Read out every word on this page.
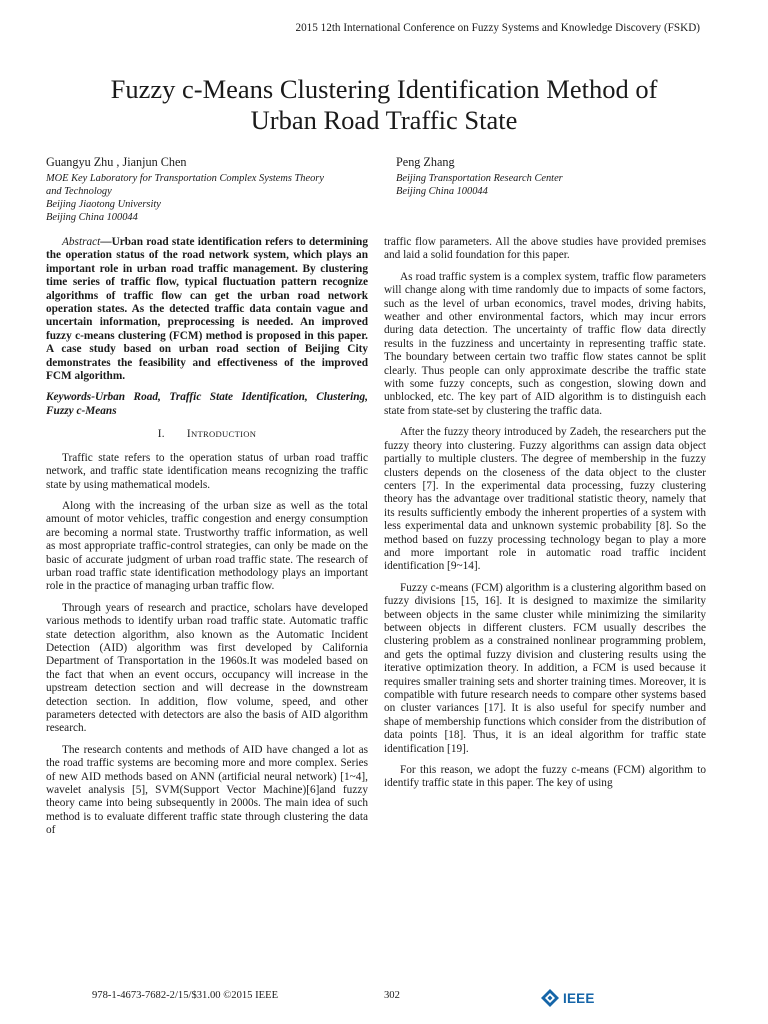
2015 12th International Conference on Fuzzy Systems and Knowledge Discovery (FSKD)
Fuzzy c-Means Clustering Identification Method of
Urban Road Traffic State
Guangyu Zhu , Jianjun Chen
MOE Key Laboratory for Transportation Complex Systems Theory
and Technology
Beijing Jiaotong University
Beijing China 100044
Peng Zhang
Beijing Transportation Research Center
Beijing China 100044

Abstract—Urban road state identification refers to determining the operation status of the road network system, which plays an important role in urban road traffic management. By clustering time series of traffic flow, typical fluctuation pattern recognize algorithms of traffic flow can get the urban road network operation states. As the detected traffic data contain vague and uncertain information, preprocessing is needed. An improved fuzzy c-means clustering (FCM) method is proposed in this paper. A case study based on urban road section of Beijing City demonstrates the feasibility and effectiveness of the improved FCM algorithm.

Keywords-Urban Road, Traffic State Identification, Clustering, Fuzzy c-Means

I. INTRODUCTION

Traffic state refers to the operation status of urban road traffic network, and traffic state identification means recognizing the traffic state by using mathematical models.

Along with the increasing of the urban size as well as the total amount of motor vehicles, traffic congestion and energy consumption are becoming a normal state. Trustworthy traffic information, as well as most appropriate traffic-control strategies, can only be made on the basic of accurate judgment of urban road traffic state. The research of urban road traffic state identification methodology plays an important role in the practice of managing urban traffic flow.

Through years of research and practice, scholars have developed various methods to identify urban road traffic state. Automatic traffic state detection algorithm, also known as the Automatic Incident Detection (AID) algorithm was first developed by California Department of Transportation in the 1960s.It was modeled based on the fact that when an event occurs, occupancy will increase in the upstream detection section and will decrease in the downstream detection section. In addition, flow volume, speed, and other parameters detected with detectors are also the basis of AID algorithm research.

The research contents and methods of AID have changed a lot as the road traffic systems are becoming more and more complex. Series of new AID methods based on ANN (artificial neural network) [1~4], wavelet analysis [5], SVM(Support Vector Machine)[6]and fuzzy theory came into being subsequently in 2000s. The main idea of such method is to evaluate different traffic state through clustering the data of

traffic flow parameters. All the above studies have provided premises and laid a solid foundation for this paper.

As road traffic system is a complex system, traffic flow parameters will change along with time randomly due to impacts of some factors, such as the level of urban economics, travel modes, driving habits, weather and other environmental factors, which may incur errors during data detection. The uncertainty of traffic flow data directly results in the fuzziness and uncertainty in representing traffic state. The boundary between certain two traffic flow states cannot be split clearly. Thus people can only approximate describe the traffic state with some fuzzy concepts, such as congestion, slowing down and unblocked, etc. The key part of AID algorithm is to distinguish each state from state-set by clustering the traffic data.

After the fuzzy theory introduced by Zadeh, the researchers put the fuzzy theory into clustering. Fuzzy algorithms can assign data object partially to multiple clusters. The degree of membership in the fuzzy clusters depends on the closeness of the data object to the cluster centers [7]. In the experimental data processing, fuzzy clustering theory has the advantage over traditional statistic theory, namely that its results sufficiently embody the inherent properties of a system with less experimental data and unknown systemic probability [8]. So the method based on fuzzy processing technology began to play a more and more important role in automatic road traffic incident identification [9~14].

Fuzzy c-means (FCM) algorithm is a clustering algorithm based on fuzzy divisions [15, 16]. It is designed to maximize the similarity between objects in the same cluster while minimizing the similarity between objects in different clusters. FCM usually describes the clustering problem as a constrained nonlinear programming problem, and gets the optimal fuzzy division and clustering results using the iterative optimization theory. In addition, a FCM is used because it requires smaller training sets and shorter training times. Moreover, it is compatible with future research needs to compare other systems based on cluster variances [17]. It is also useful for specify number and shape of membership functions which consider from the distribution of data points [18]. Thus, it is an ideal algorithm for traffic state identification [19].

For this reason, we adopt the fuzzy c-means (FCM) algorithm to identify traffic state in this paper. The key of using

978-1-4673-7682-2/15/$31.00 ©2015 IEEE	302	IEEE
